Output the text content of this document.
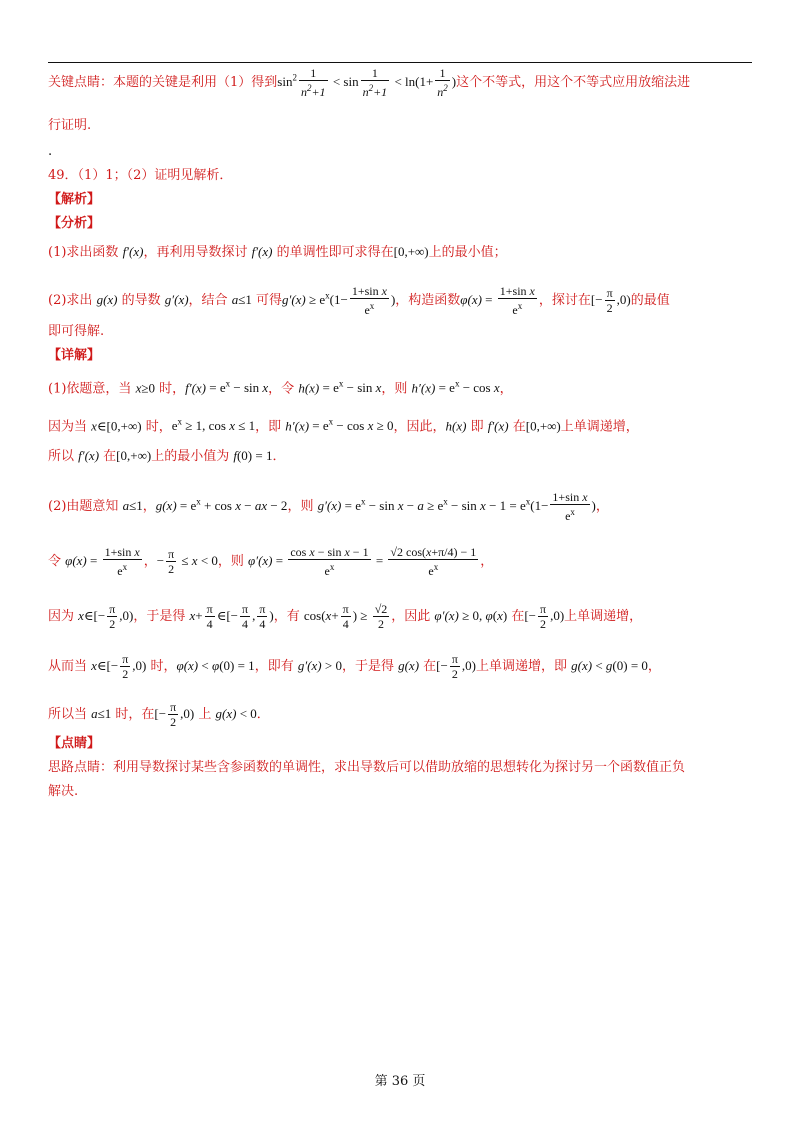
关键点睛：本题的关键是利用（1）得到$\sin^2 \frac{1}{n^2+1} < \sin \frac{1}{n^2+1} < \ln(1+ \frac{1}{n^2}$ )这个不等式，用这个不等式应用放缩法进
行证明.
.
49．（1）1；（2）证明见解析．
【解析】
【分析】
(1)求出函数 f′(x)，再利用导数探讨 f′(x) 的单调性即可求得在[0,+∞)上的最小值；
(2)求出 g(x) 的导数 g′(x)，结合 a≤1 可得$g'(x) \ge e^x(1- \frac{\text{1+sin x}}{e^x}$ )，构造函数$\varphi(x) = \frac{\text{1+sin x}}{e^x}$ ，探讨在[− $\frac{\pi}{2} ,0$)的最值
即可得解.
【详解】
(1)依题意，当 x≥0 时，$f'(x) = e^x - \sin x$，令 $h(x) = e^x - \sin x$，则 $h'(x) = e^x - \cos x$，
因为当 x∈[0,+∞) 时，$e^x \ge 1$, cos x ≤ 1，即 $h'(x) = e^x - \cos x \ge 0$，因此，h(x) 即 f′(x) 在[0,+∞)上单调递增，
所以 f′(x) 在[0,+∞)上的最小值为 f(0) = 1．
(2)由题意知 a≤1，$g(x) = e^x + \cos x$ − ax − 2，则 $g'(x) = e^x - \sin x - a \ge e^x - \sin x - 1 = e^x(1- \frac{\text{1+sin x}}{e^x}$ )，
令 $\varphi(x) = \frac{\text{1+sin x}}{e^x}$ ，− $\frac{\pi}{2} \le x < 0$，则 $\varphi'(x) = \frac{\text{cos x − sin x − 1}}{e^x} = \frac{√2 \cos(x+\pi/4) - 1}{e^x}$ ，
因为 x∈[− $\frac{\pi}{2} ,0$)，于是得 $x+ \frac{\pi}{4}$ ∈[− $\frac{\pi}{4}$ , $\frac{\pi}{4}$ )，有 $\cos(x+ \frac{\pi}{4}$ ) ≥ $\frac{√2}{2}$ ，因此 φ′(x) ≥ 0, φ(x) 在[− $\frac{\pi}{2} ,0$)上单调递增，
从而当 x∈[− $\frac{\pi}{2} ,0$) 时，φ(x) < φ(0) = 1，即有 g′(x) > 0，于是得 g(x) 在[− $\frac{\pi}{2} ,0$)上单调递增，即 g(x) < g(0) = 0，
所以当 a≤1 时，在[− $\frac{\pi}{2} ,0$) 上 g(x) < 0．
【点睛】
思路点睛：利用导数探讨某些含参函数的单调性，求出导数后可以借助放缩的思想转化为探讨另一个函数值正负
解决.
第 36 页
